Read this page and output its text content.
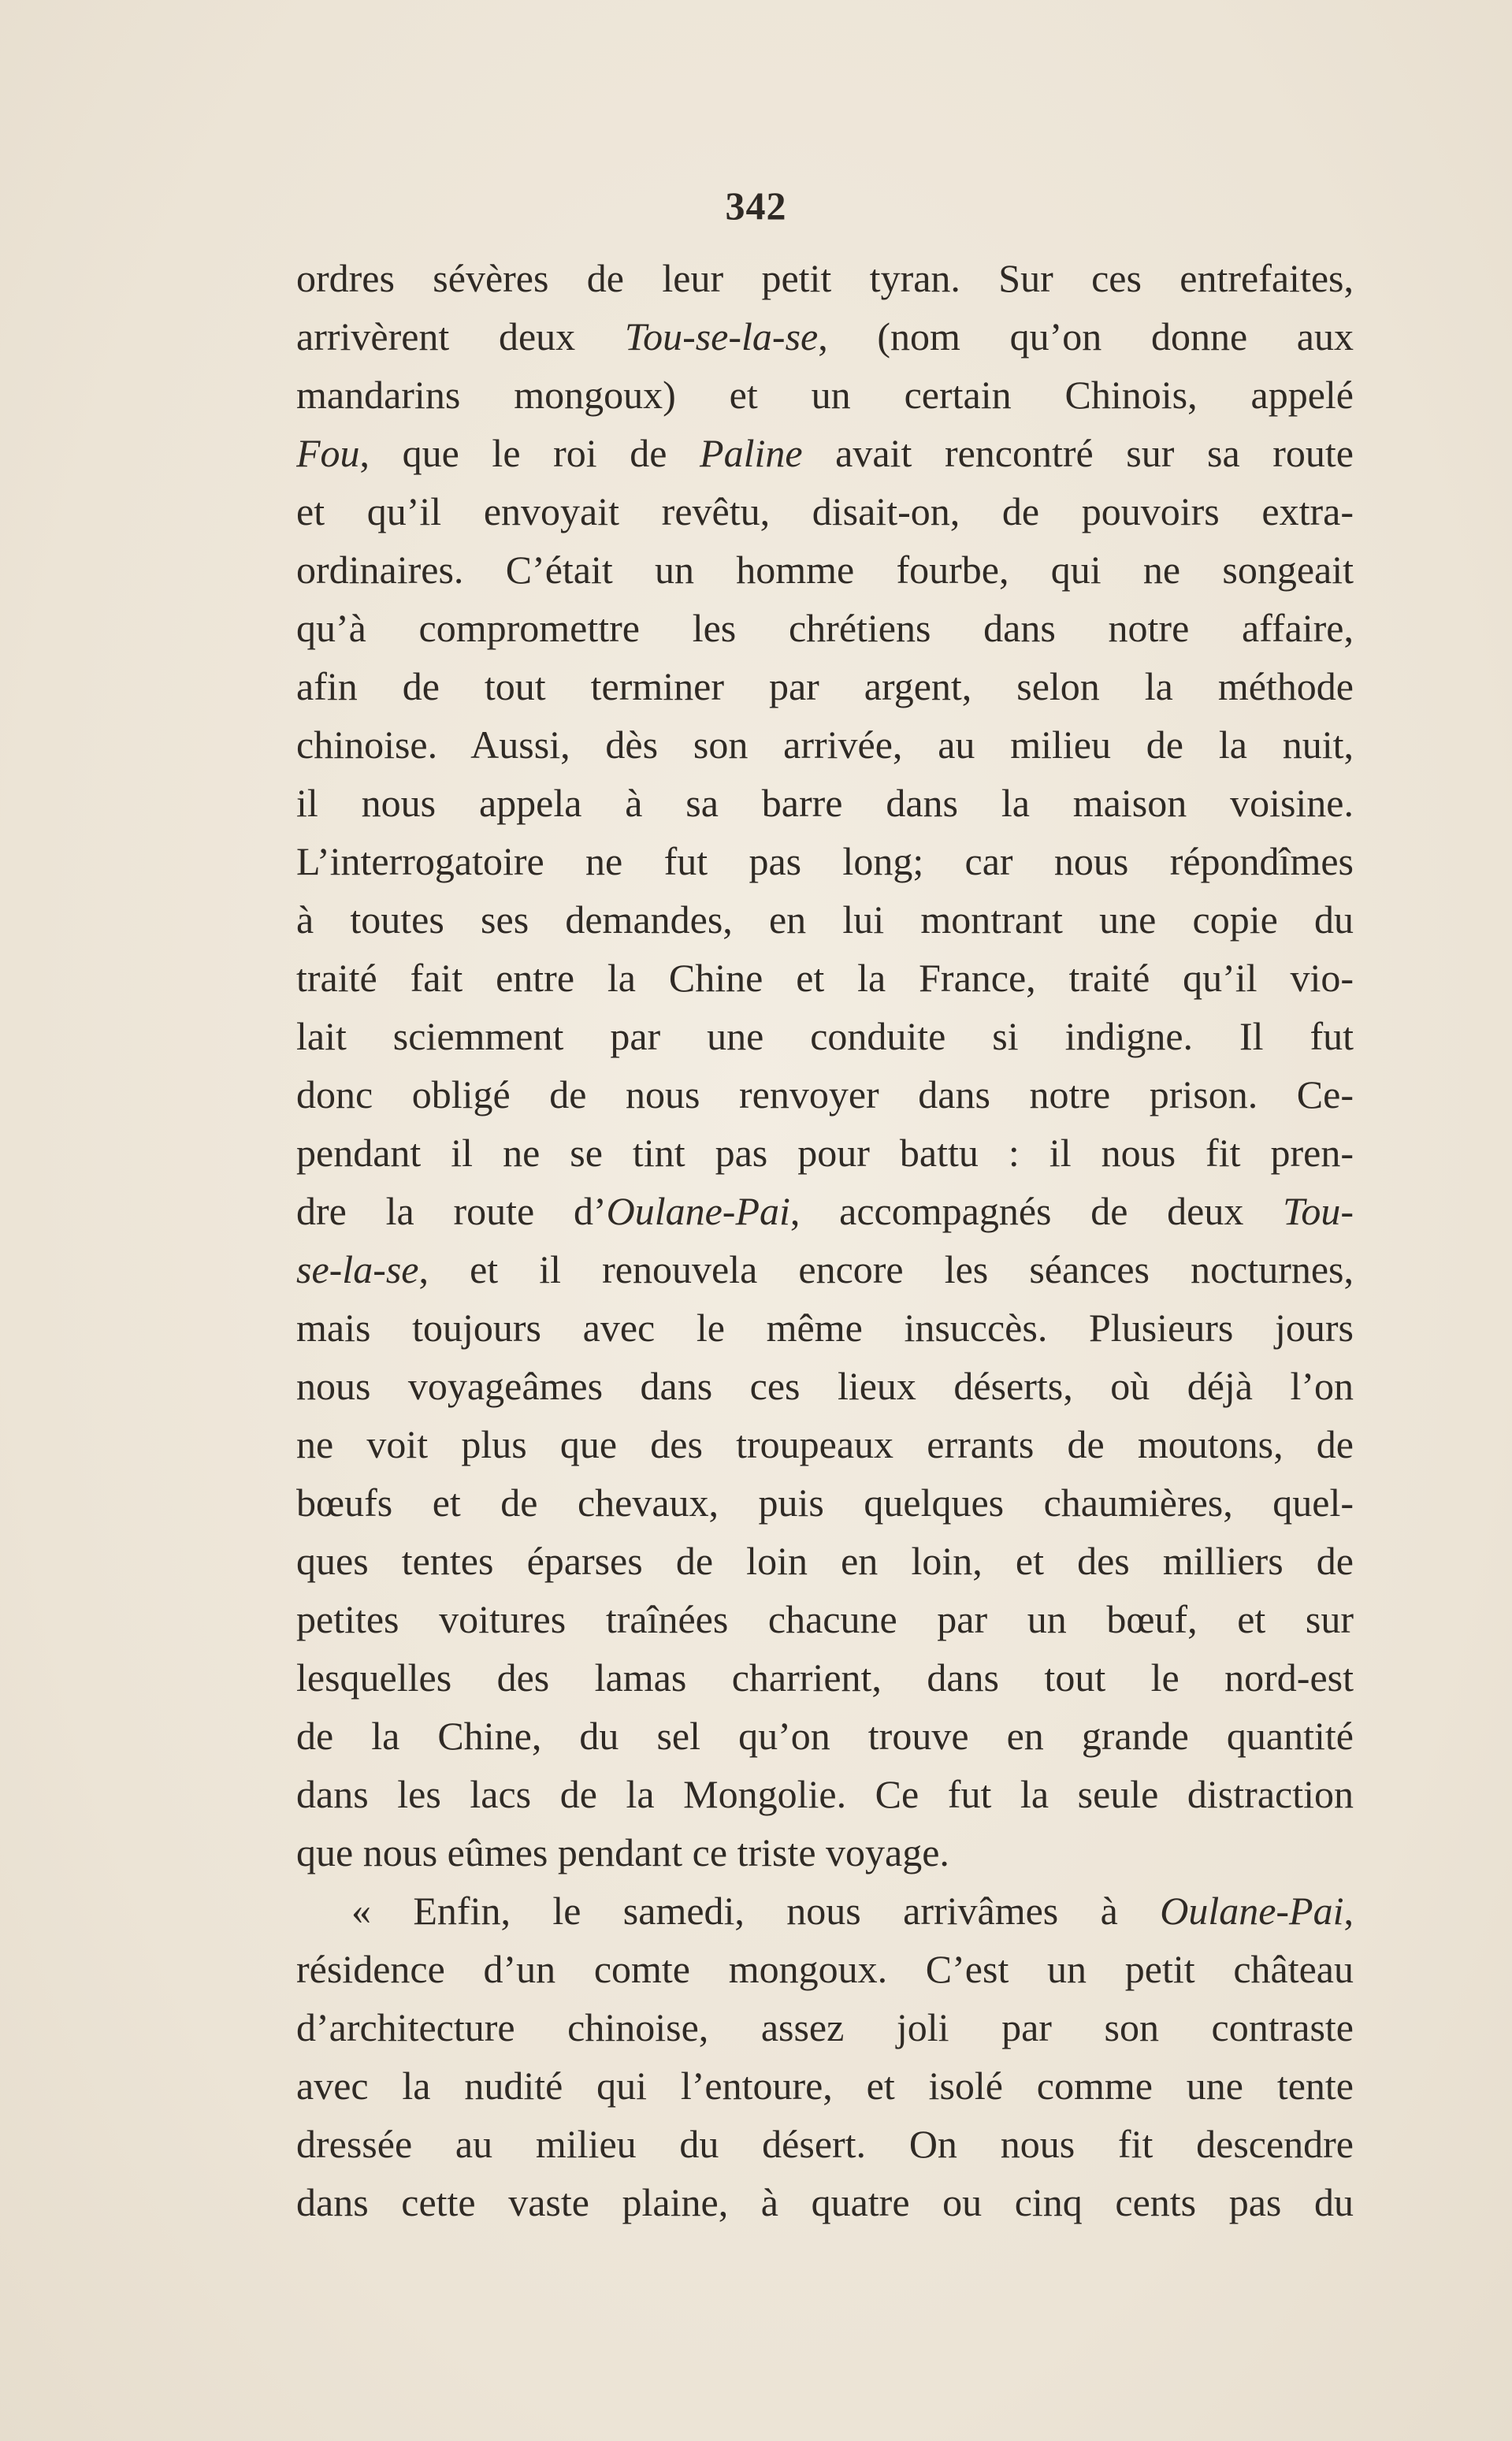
342
ordres sévères de leur petit tyran. Sur ces entrefaites,
arrivèrent deux Tou-se-la-se, (nom qu’on donne aux
mandarins mongoux) et un certain Chinois, appelé
Fou, que le roi de Paline avait rencontré sur sa route
et qu’il envoyait revêtu, disait-on, de pouvoirs extra-
ordinaires. C’était un homme fourbe, qui ne songeait
qu’à compromettre les chrétiens dans notre affaire,
afin de tout terminer par argent, selon la méthode
chinoise. Aussi, dès son arrivée, au milieu de la nuit,
il nous appela à sa barre dans la maison voisine.
L’interrogatoire ne fut pas long; car nous répondîmes
à toutes ses demandes, en lui montrant une copie du
traité fait entre la Chine et la France, traité qu’il vio-
lait sciemment par une conduite si indigne. Il fut
donc obligé de nous renvoyer dans notre prison. Ce-
pendant il ne se tint pas pour battu : il nous fit pren-
dre la route d’Oulane-Pai, accompagnés de deux Tou-
se-la-se, et il renouvela encore les séances nocturnes,
mais toujours avec le même insuccès. Plusieurs jours
nous voyageâmes dans ces lieux déserts, où déjà l’on
ne voit plus que des troupeaux errants de moutons, de
bœufs et de chevaux, puis quelques chaumières, quel-
ques tentes éparses de loin en loin, et des milliers de
petites voitures traînées chacune par un bœuf, et sur
lesquelles des lamas charrient, dans tout le nord-est
de la Chine, du sel qu’on trouve en grande quantité
dans les lacs de la Mongolie. Ce fut la seule distraction
que nous eûmes pendant ce triste voyage.
« Enfin, le samedi, nous arrivâmes à Oulane-Pai,
résidence d’un comte mongoux. C’est un petit château
d’architecture chinoise, assez joli par son contraste
avec la nudité qui l’entoure, et isolé comme une tente
dressée au milieu du désert. On nous fit descendre
dans cette vaste plaine, à quatre ou cinq cents pas du
